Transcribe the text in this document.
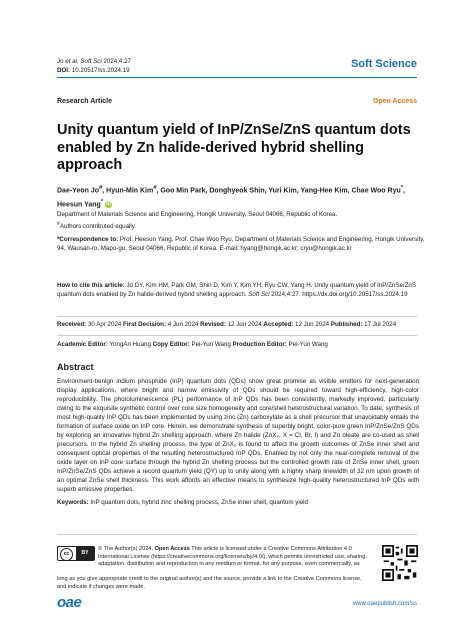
Jo et al. Soft Sci 2024;4:27
DOI: 10.20517/ss.2024.19
Soft Science
Research Article	Open Access
Unity quantum yield of InP/ZnSe/ZnS quantum dots enabled by Zn halide-derived hybrid shelling approach
Dae-Yeon Jo#, Hyun-Min Kim#, Goo Min Park, Donghyeok Shin, Yuri Kim, Yang-Hee Kim, Chae Woo Ryu*,
Heesun Yang* iD
Department of Materials Science and Engineering, Hongik University, Seoul 04066, Republic of Korea.
#Authors contributed equally.
*Correspondence to: Prof. Heesun Yang, Prof. Chae Woo Ryu, Department of Materials Science and Engineering, Hongik University, 94, Wausan-ro, Mapo-gu, Seoul 04066, Republic of Korea. E-mail: hyang@hongik.ac.kr; cryu@hongik.ac.kr
How to cite this article: Jo DY, Kim HM, Park GM, Shin D, Kim Y, Kim YH, Ryu CW, Yang H. Unity quantum yield of InP/ZnSe/ZnS quantum dots enabled by Zn halide-derived hybrid shelling approach. Soft Sci 2024;4:27. https://dx.doi.org/10.20517/ss.2024.19
Received: 30 Apr 2024 First Decision: 4 Jun 2024 Revised: 12 Jun 2024 Accepted: 12 Jun 2024 Published: 17 Jul 2024
Academic Editor: YongAn Huang Copy Editor: Pei-Yun Wang Production Editor: Pei-Yun Wang
Abstract
Environment-benign indium phosphide (InP) quantum dots (QDs) show great promise as visible emitters for next-generation display applications, where bright and narrow emissivity of QDs should be required toward high-efficiency, high-color reproducibility. The photoluminescence (PL) performance of InP QDs has been consistently, markedly improved, particularly owing to the exquisite synthetic control over core size homogeneity and core/shell heterostructural variation. To date, synthesis of most high-quality InP QDs has been implemented by using zinc (Zn) carboxylate as a shell precursor that unavoidably entails the formation of surface oxide on InP core. Herein, we demonstrate synthesis of superbly bright, color-pure green InP/ZnSe/ZnS QDs by exploring an innovative hybrid Zn shelling approach, where Zn halide (ZnX₂, X = Cl, Br, I) and Zn oleate are co-used as shell precursors. In the hybrid Zn shelling process, the type of ZnX₂ is found to affect the growth outcomes of ZnSe inner shell and consequent optical properties of the resulting heterostructured InP QDs. Enabled by not only the near-complete removal of the oxide layer on InP core surface through the hybrid Zn shelling process but the controlled growth rate of ZnSe inner shell, green InP/ZnSe/ZnS QDs achieve a record quantum yield (QY) up to unity along with a highly sharp linewidth of 32 nm upon growth of an optimal ZnSe shell thickness. This work affords an effective means to synthesize high-quality heterostructured InP QDs with superb emissive properties.
Keywords: InP quantum dots, hybrid zinc shelling process, ZnSe inner shell, quantum yield
cc	BY
© The Author(s) 2024. Open Access This article is licensed under a Creative Commons Attribution 4.0 International License (https://creativecommons.org/licenses/by/4.0/), which permits unrestricted use, sharing, adaptation, distribution and reproduction in any medium or format, for any purpose, even commercially, as
long as you give appropriate credit to the original author(s) and the source, provide a link to the Creative Commons license, and indicate if changes were made.
oae	www.oaepublish.com/ss
